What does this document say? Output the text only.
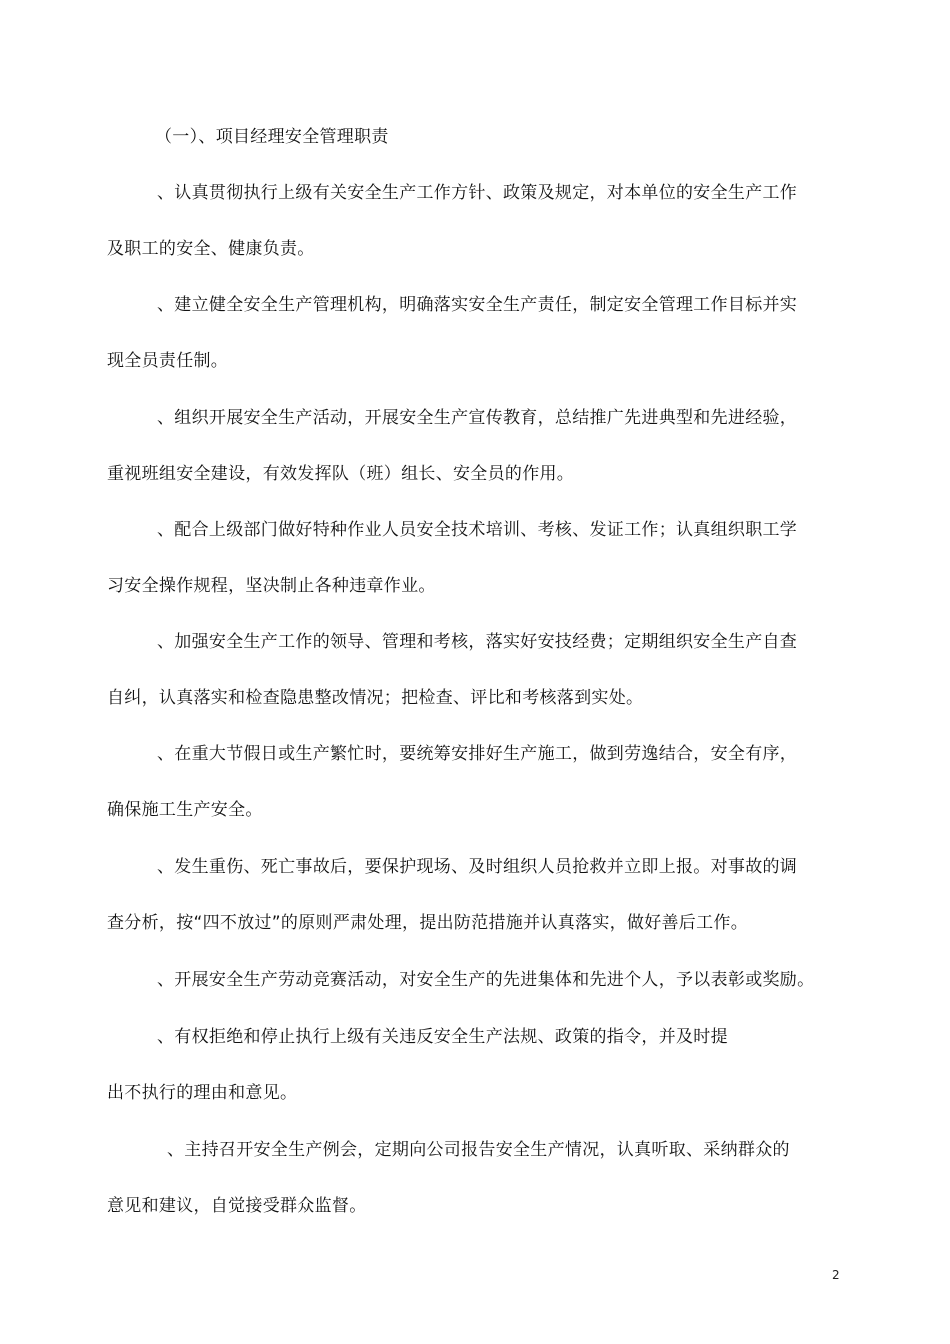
（一）、项目经理安全管理职责
、认真贯彻执行上级有关安全生产工作方针、政策及规定，对本单位的安全生产工作
及职工的安全、健康负责。
、建立健全安全生产管理机构，明确落实安全生产责任，制定安全管理工作目标并实
现全员责任制。
、组织开展安全生产活动，开展安全生产宣传教育，总结推广先进典型和先进经验，
重视班组安全建设，有效发挥队（班）组长、安全员的作用。
、配合上级部门做好特种作业人员安全技术培训、考核、发证工作；认真组织职工学
习安全操作规程，坚决制止各种违章作业。
、加强安全生产工作的领导、管理和考核，落实好安技经费；定期组织安全生产自查
自纠，认真落实和检查隐患整改情况；把检查、评比和考核落到实处。
、在重大节假日或生产繁忙时，要统筹安排好生产施工，做到劳逸结合，安全有序，
确保施工生产安全。
、发生重伤、死亡事故后，要保护现场、及时组织人员抢救并立即上报。对事故的调
查分析，按“四不放过”的原则严肃处理，提出防范措施并认真落实，做好善后工作。
、开展安全生产劳动竞赛活动，对安全生产的先进集体和先进个人，予以表彰或奖励。
、有权拒绝和停止执行上级有关违反安全生产法规、政策的指令，并及时提
出不执行的理由和意见。
、主持召开安全生产例会，定期向公司报告安全生产情况，认真听取、采纳群众的
意见和建议，自觉接受群众监督。
2
